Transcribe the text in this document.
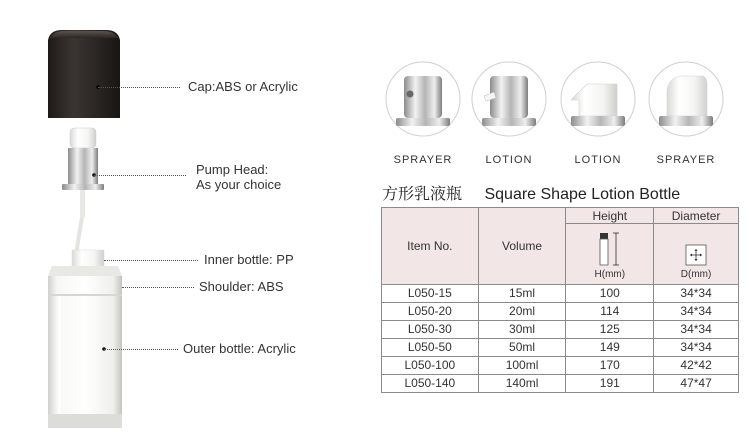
Cap:ABS or Acrylic
Pump Head:
As your choice
Inner bottle: PP
Shoulder: ABS
Outer bottle: Acrylic
SPRAYER	LOTION	LOTION	SPRAYER
方形乳液瓶 Square Shape Lotion Bottle
Item No.	Volume	Height	Diameter

		H(mm)	D(mm)

L050-15	15ml	100	34*34
L050-20	20ml	114	34*34
L050-30	30ml	125	34*34
L050-50	50ml	149	34*34
L050-100	100ml	170	42*42
L050-140	140ml	191	47*47
